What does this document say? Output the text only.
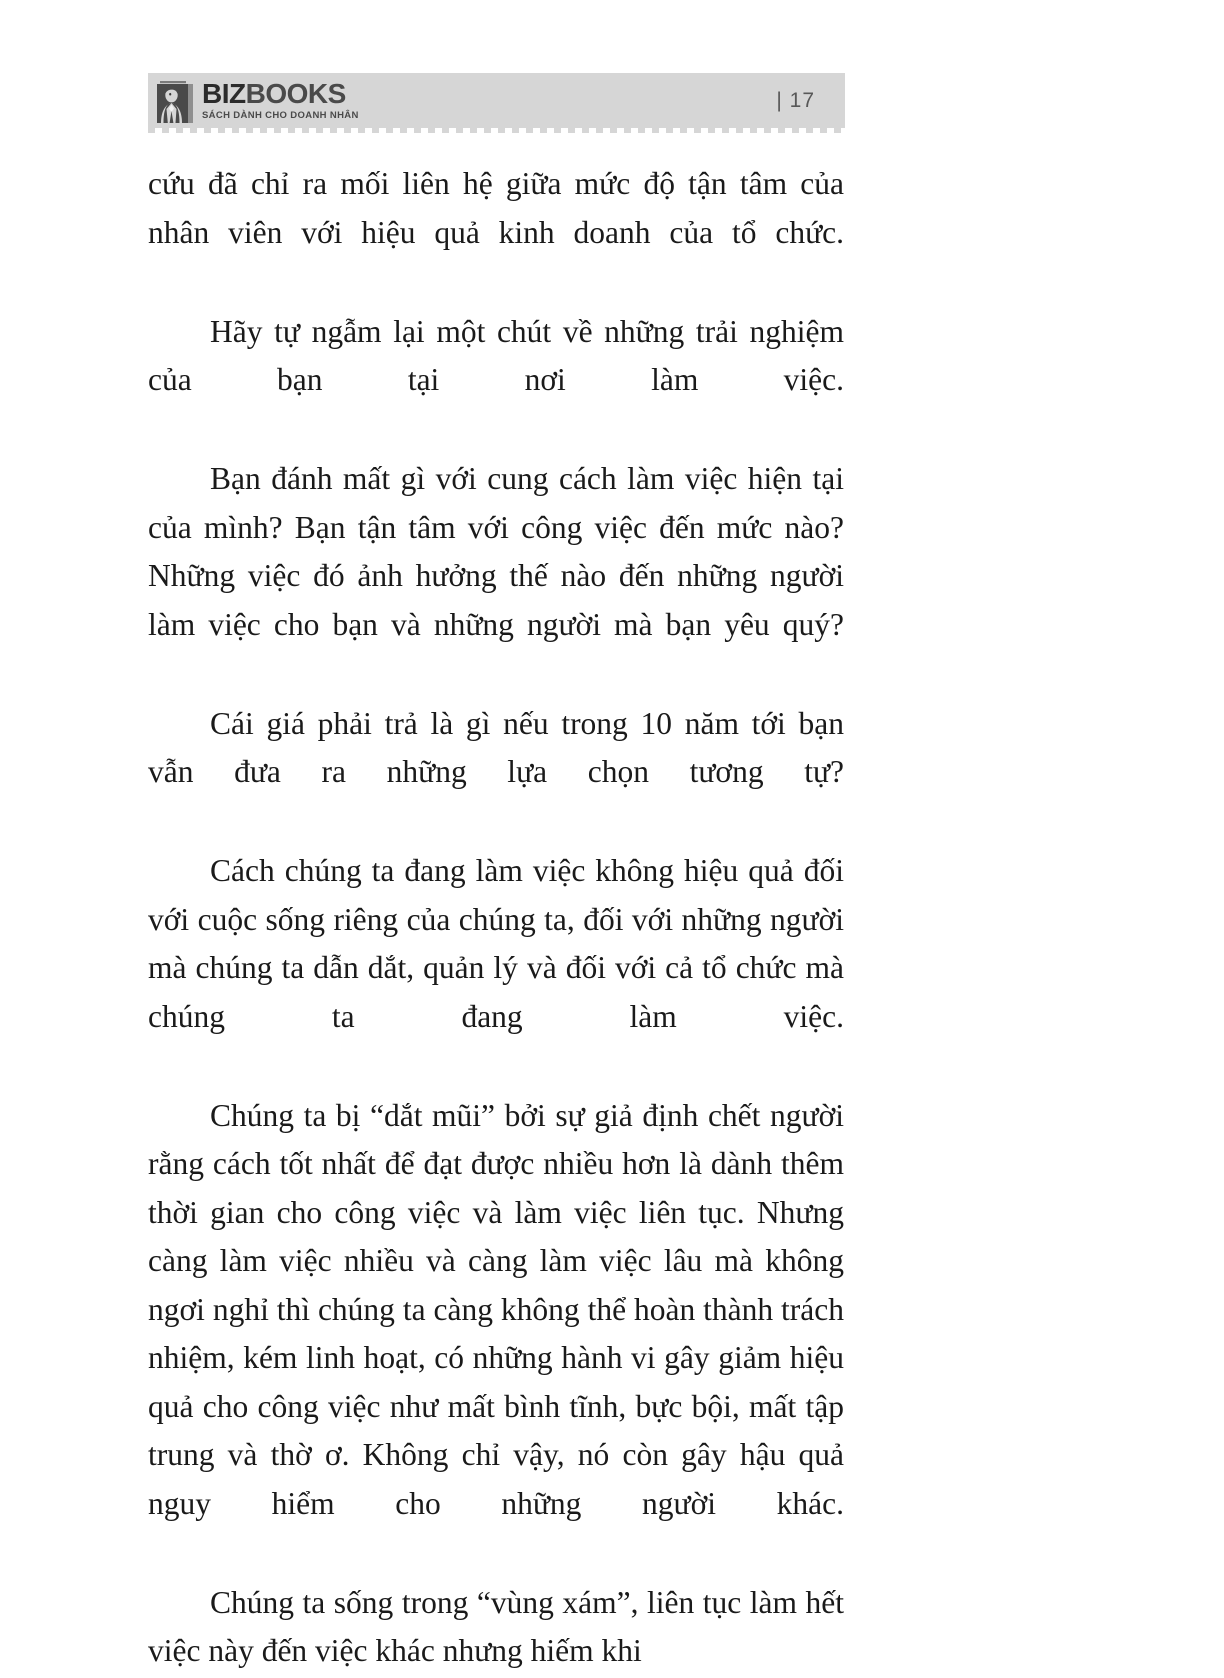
BIZBOOKS
SÁCH DÀNH CHO DOANH NHÂN
| 17

cứu đã chỉ ra mối liên hệ giữa mức độ tận tâm của nhân viên với hiệu quả kinh doanh của tổ chức.

Hãy tự ngẫm lại một chút về những trải nghiệm của bạn tại nơi làm việc.

Bạn đánh mất gì với cung cách làm việc hiện tại của mình? Bạn tận tâm với công việc đến mức nào? Những việc đó ảnh hưởng thế nào đến những người làm việc cho bạn và những người mà bạn yêu quý?

Cái giá phải trả là gì nếu trong 10 năm tới bạn vẫn đưa ra những lựa chọn tương tự?

Cách chúng ta đang làm việc không hiệu quả đối với cuộc sống riêng của chúng ta, đối với những người mà chúng ta dẫn dắt, quản lý và đối với cả tổ chức mà chúng ta đang làm việc.

Chúng ta bị “dắt mũi” bởi sự giả định chết người rằng cách tốt nhất để đạt được nhiều hơn là dành thêm thời gian cho công việc và làm việc liên tục. Nhưng càng làm việc nhiều và càng làm việc lâu mà không ngơi nghỉ thì chúng ta càng không thể hoàn thành trách nhiệm, kém linh hoạt, có những hành vi gây giảm hiệu quả cho công việc như mất bình tĩnh, bực bội, mất tập trung và thờ ơ. Không chỉ vậy, nó còn gây hậu quả nguy hiểm cho những người khác.

Chúng ta sống trong “vùng xám”, liên tục làm hết việc này đến việc khác nhưng hiếm khi
